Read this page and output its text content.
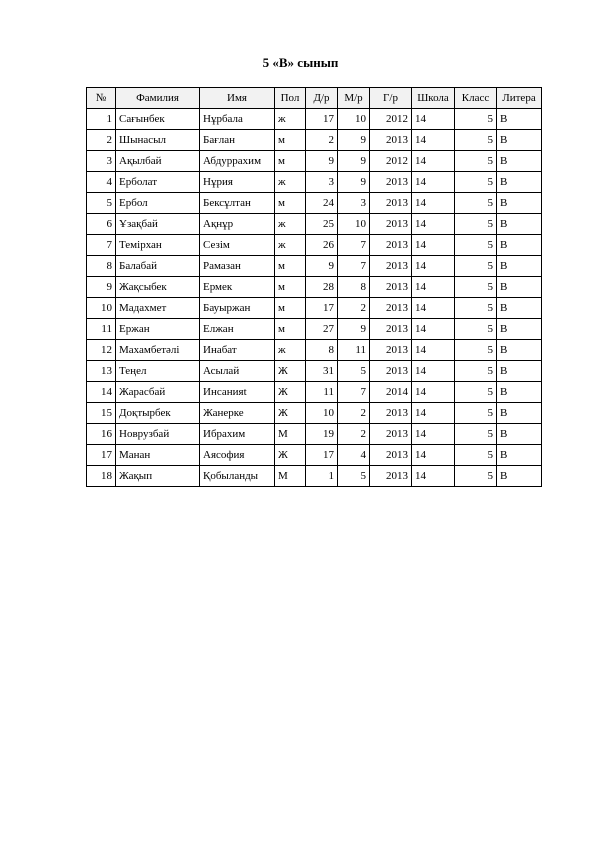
5 «В» сынып
№	Фамилия	Имя	Пол	Д/р	М/р	Г/р	Школа	Класс	Литера
1	Сағынбек	Нұрбала	ж	17	10	2012	14	5	В
2	Шынасыл	Бағлан	м	2	9	2013	14	5	В
3	Ақылбай	Абдуррахим	м	9	9	2012	14	5	В
4	Ерболат	Нұрия	ж	3	9	2013	14	5	В
5	Ербол	Бексұлтан	м	24	3	2013	14	5	В
6	Ұзақбай	Ақнұр	ж	25	10	2013	14	5	В
7	Темірхан	Сезім	ж	26	7	2013	14	5	В
8	Балабай	Рамазан	м	9	7	2013	14	5	В
9	Жақсыбек	Ермек	м	28	8	2013	14	5	В
10	Мадахмет	Бауыржан	м	17	2	2013	14	5	В
11	Ержан	Елжан	м	27	9	2013	14	5	В
12	Махамбетәлі	Инабат	ж	8	11	2013	14	5	В
13	Теңел	Асылай	Ж	31	5	2013	14	5	В
14	Жарасбай	Инсанияt	Ж	11	7	2014	14	5	В
15	Доқтырбек	Жанерке	Ж	10	2	2013	14	5	В
16	Новрузбай	Ибрахим	М	19	2	2013	14	5	В
17	Манан	Аясофия	Ж	17	4	2013	14	5	В
18	Жақып	Қобыланды	М	1	5	2013	14	5	В
